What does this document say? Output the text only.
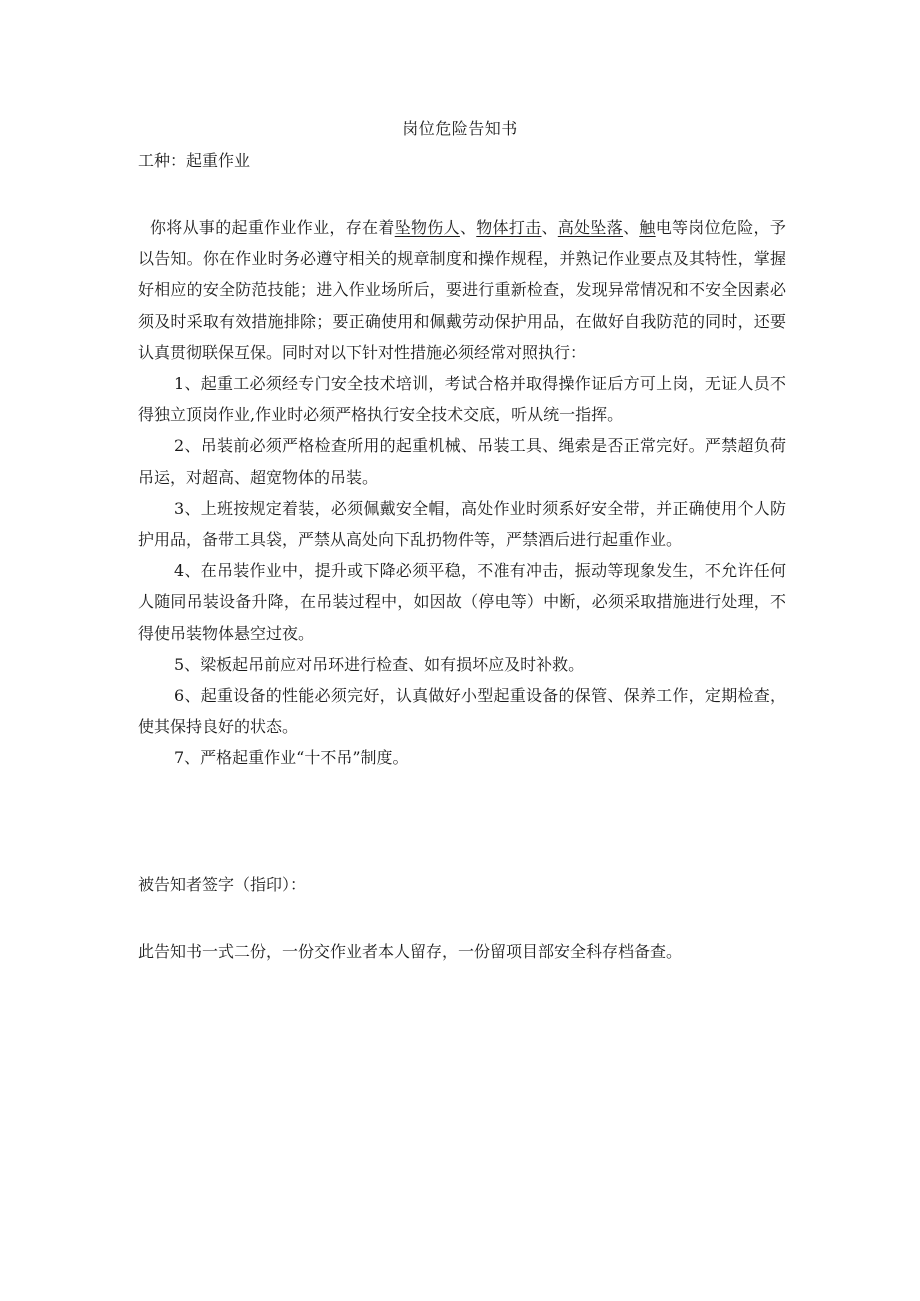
岗位危险告知书
工种：起重作业

你将从事的起重作业作业，存在着坠物伤人、物体打击、高处坠落、触电等岗位危险，予以告知。你在作业时务必遵守相关的规章制度和操作规程，并熟记作业要点及其特性，掌握好相应的安全防范技能；进入作业场所后，要进行重新检查，发现异常情况和不安全因素必须及时采取有效措施排除；要正确使用和佩戴劳动保护用品，在做好自我防范的同时，还要认真贯彻联保互保。同时对以下针对性措施必须经常对照执行：

1、起重工必须经专门安全技术培训，考试合格并取得操作证后方可上岗，无证人员不得独立顶岗作业,作业时必须严格执行安全技术交底，听从统一指挥。

2、吊装前必须严格检查所用的起重机械、吊装工具、绳索是否正常完好。严禁超负荷吊运，对超高、超宽物体的吊装。

3、上班按规定着装，必须佩戴安全帽，高处作业时须系好安全带，并正确使用个人防护用品，备带工具袋，严禁从高处向下乱扔物件等，严禁酒后进行起重作业。

4、在吊装作业中，提升或下降必须平稳，不准有冲击，振动等现象发生，不允许任何人随同吊装设备升降，在吊装过程中，如因故（停电等）中断，必须采取措施进行处理，不得使吊装物体悬空过夜。

5、梁板起吊前应对吊环进行检查、如有损坏应及时补救。

6、起重设备的性能必须完好，认真做好小型起重设备的保管、保养工作，定期检查，使其保持良好的状态。

7、严格起重作业“十不吊”制度。

被告知者签字（指印）：
此告知书一式二份，一份交作业者本人留存，一份留项目部安全科存档备查。
